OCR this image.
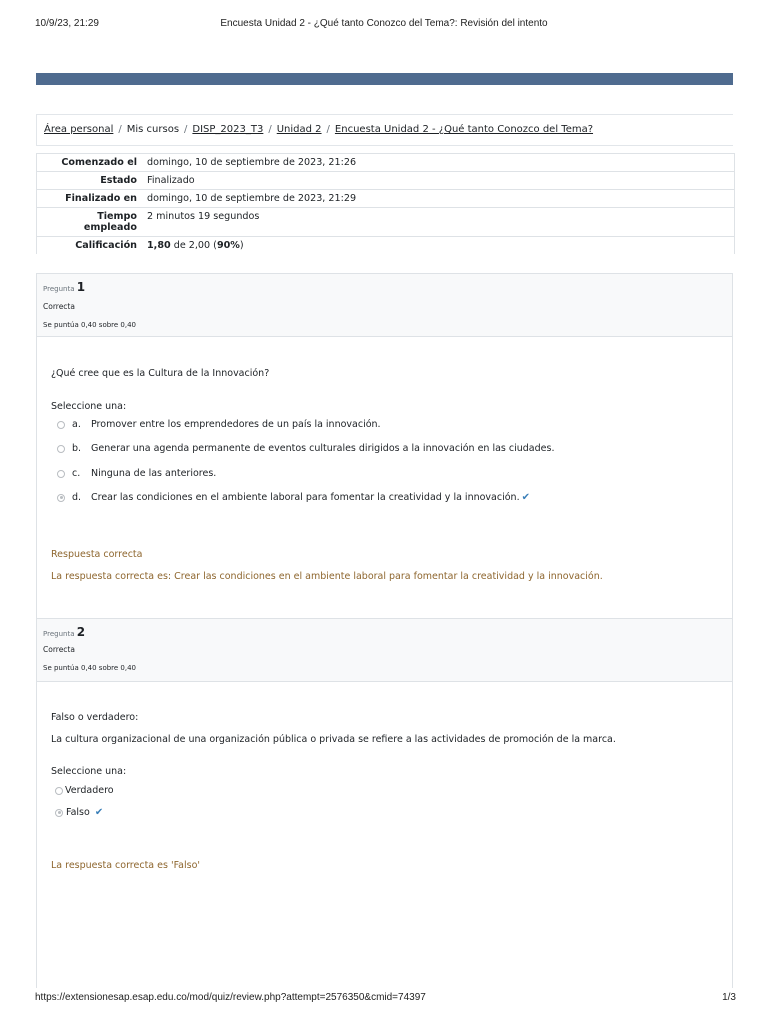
10/9/23, 21:29	Encuesta Unidad 2 - ¿Qué tanto Conozco del Tema?: Revisión del intento
Área personal / Mis cursos / DISP_2023_T3 / Unidad 2 / Encuesta Unidad 2 - ¿Qué tanto Conozco del Tema?
Comenzado el	domingo, 10 de septiembre de 2023, 21:26
Estado	Finalizado
Finalizado en	domingo, 10 de septiembre de 2023, 21:29
Tiempo empleado	2 minutos 19 segundos
Calificación	1,80 de 2,00 (90%)
Pregunta 1
Correcta
Se puntúa 0,40 sobre 0,40
¿Qué cree que es la Cultura de la Innovación?
Seleccione una:
a.	Promover entre los emprendedores de un país la innovación.
b.	Generar una agenda permanente de eventos culturales dirigidos a la innovación en las ciudades.
c.	Ninguna de las anteriores.
d.	Crear las condiciones en el ambiente laboral para fomentar la creatividad y la innovación. ✔
Respuesta correcta
La respuesta correcta es: Crear las condiciones en el ambiente laboral para fomentar la creatividad y la innovación.
Pregunta 2
Correcta
Se puntúa 0,40 sobre 0,40
Falso o verdadero:
La cultura organizacional de una organización pública o privada se refiere a las actividades de promoción de la marca.
Seleccione una:
Verdadero
Falso ✔
La respuesta correcta es 'Falso'
https://extensionesap.esap.edu.co/mod/quiz/review.php?attempt=2576350&cmid=74397	1/3
